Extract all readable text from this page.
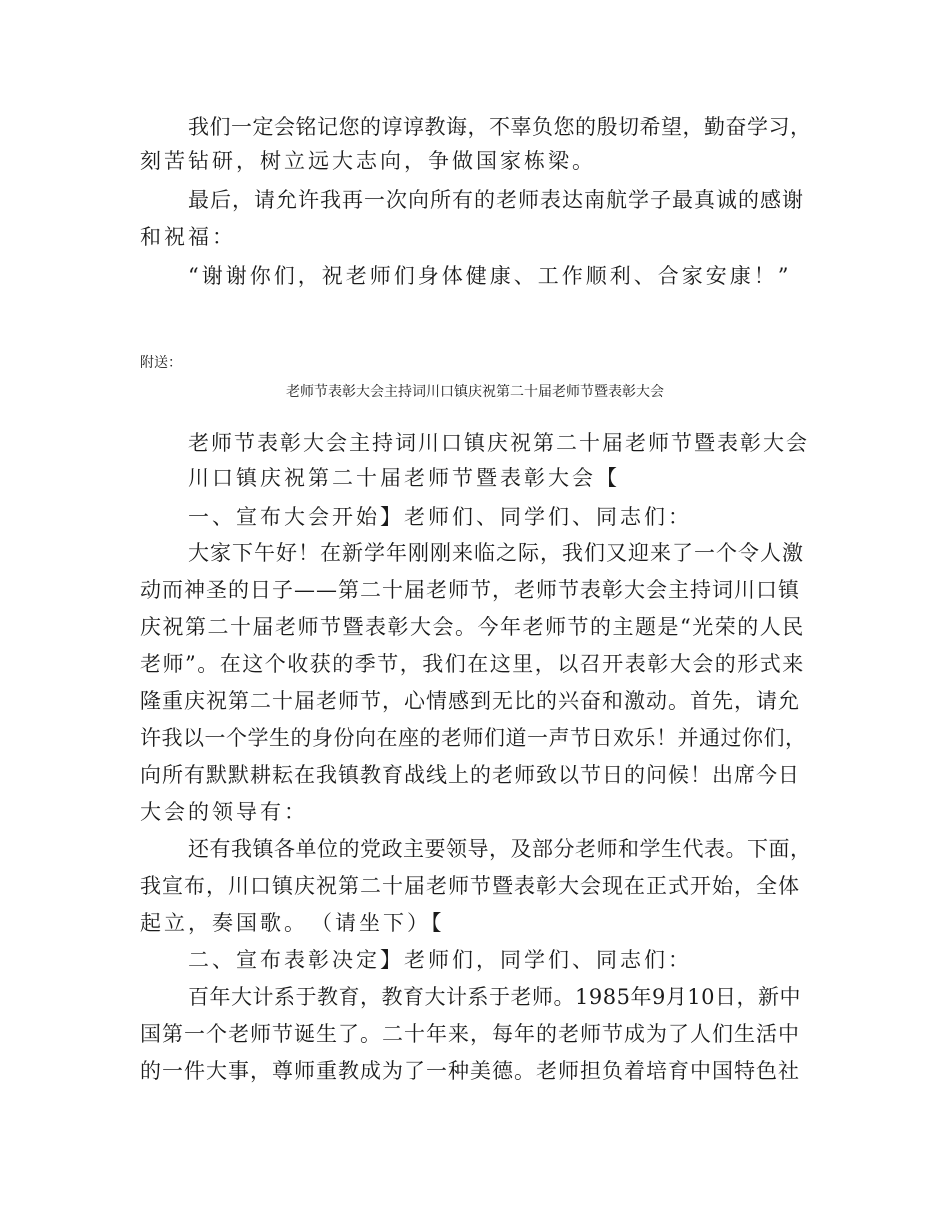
我们一定会铭记您的谆谆教诲，不辜负您的殷切希望，勤奋学习，
刻苦钻研，树立远大志向，争做国家栋梁。
最后，请允许我再一次向所有的老师表达南航学子最真诚的感谢
和祝福：
“谢谢你们，祝老师们身体健康、工作顺利、合家安康！”
附送：
老师节表彰大会主持词川口镇庆祝第二十届老师节暨表彰大会
老师节表彰大会主持词川口镇庆祝第二十届老师节暨表彰大会
川口镇庆祝第二十届老师节暨表彰大会【
一、宣布大会开始】老师们、同学们、同志们：
大家下午好！在新学年刚刚来临之际，我们又迎来了一个令人激
动而神圣的日子——第二十届老师节，老师节表彰大会主持词川口镇
庆祝第二十届老师节暨表彰大会。今年老师节的主题是“光荣的人民
老师”。在这个收获的季节，我们在这里，以召开表彰大会的形式来
隆重庆祝第二十届老师节，心情感到无比的兴奋和激动。首先，请允
许我以一个学生的身份向在座的老师们道一声节日欢乐！并通过你们，
向所有默默耕耘在我镇教育战线上的老师致以节日的问候！出席今日
大会的领导有：
还有我镇各单位的党政主要领导，及部分老师和学生代表。下面，
我宣布，川口镇庆祝第二十届老师节暨表彰大会现在正式开始，全体
起立，奏国歌。　（请坐下）【
二、宣布表彰决定】老师们，同学们、同志们：
百年大计系于教育，教育大计系于老师。1985年9月10日，新中
国第一个老师节诞生了。二十年来，每年的老师节成为了人们生活中
的一件大事，尊师重教成为了一种美德。老师担负着培育中国特色社
